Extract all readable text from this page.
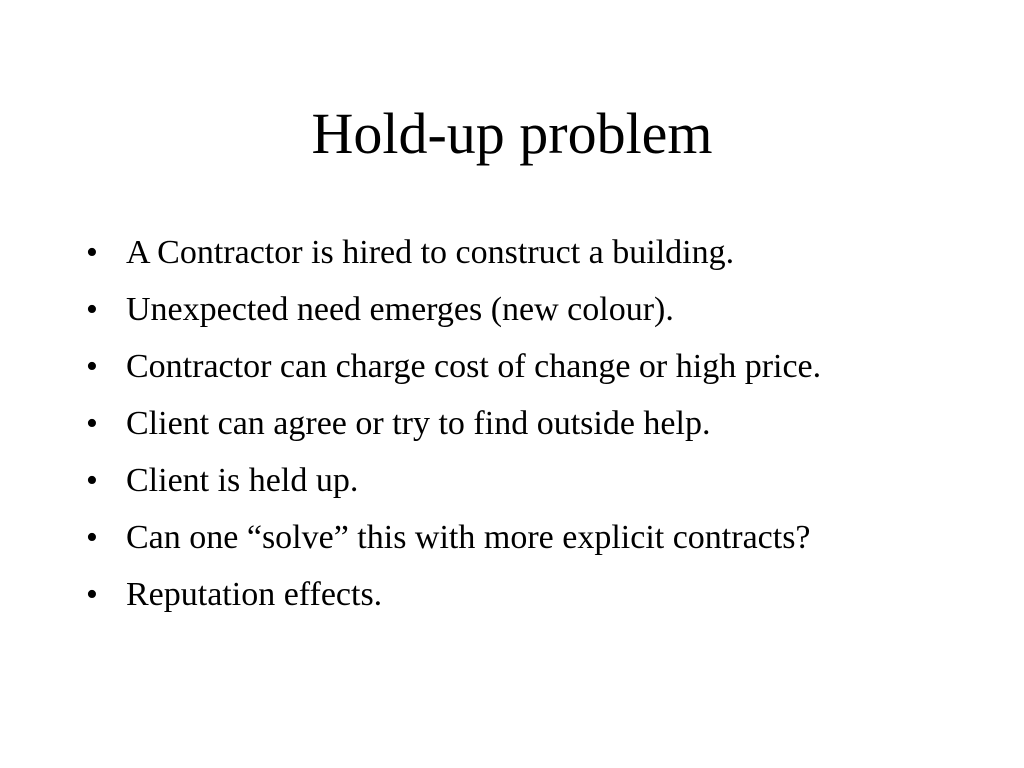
Hold-up problem
• A Contractor is hired to construct a building.
• Unexpected need emerges (new colour).
• Contractor can charge cost of change or high price.
• Client can agree or try to find outside help.
• Client is held up.
• Can one “solve” this with more explicit contracts?
• Reputation effects.
